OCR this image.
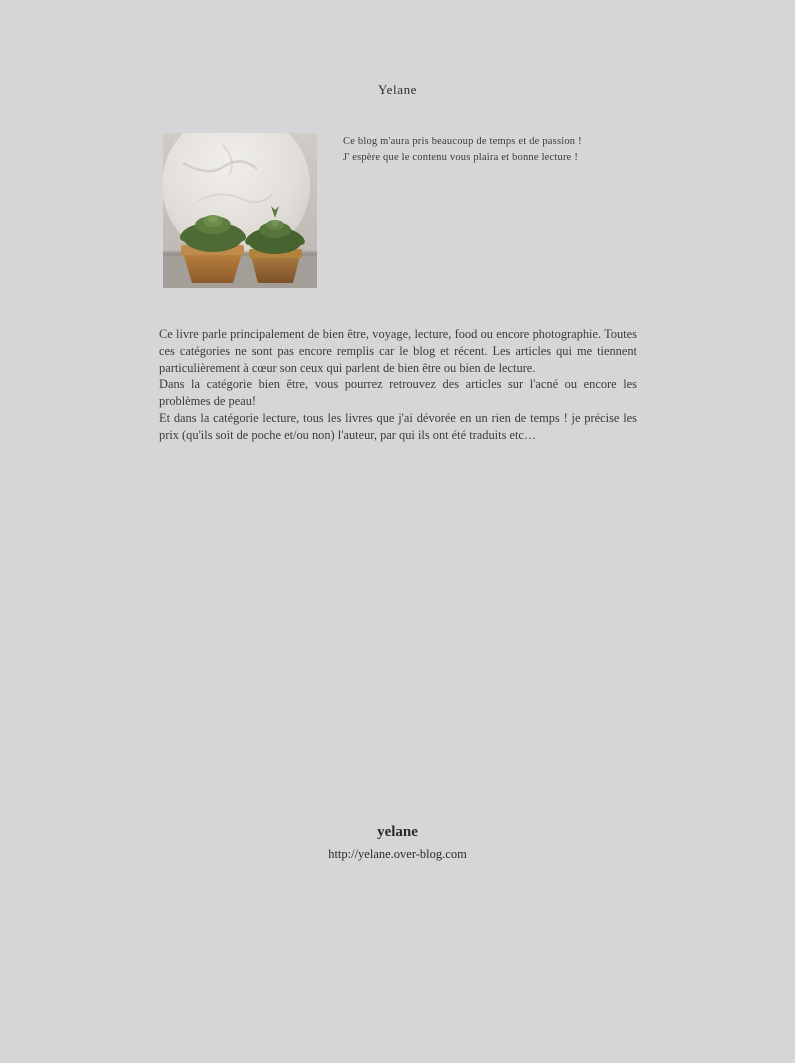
Yelane
Ce blog m'aura pris beaucoup de temps et de passion !
J' espère que le contenu vous plaira et bonne lecture !

Ce livre parle principalement de bien être, voyage, lecture, food ou encore photographie. Toutes ces catégories ne sont pas encore remplis car le blog et récent. Les articles qui me tiennent particulièrement à cœur son ceux qui parlent de bien être ou bien de lecture.

Dans la catégorie bien être, vous pourrez retrouvez des articles sur l'acné ou encore les problèmes de peau!

Et dans la catégorie lecture, tous les livres que j'ai dévorée en un rien de temps ! je précise les prix (qu'ils soit de poche et/ou non) l'auteur, par qui ils ont été traduits etc…

yelane
http://yelane.over-blog.com
